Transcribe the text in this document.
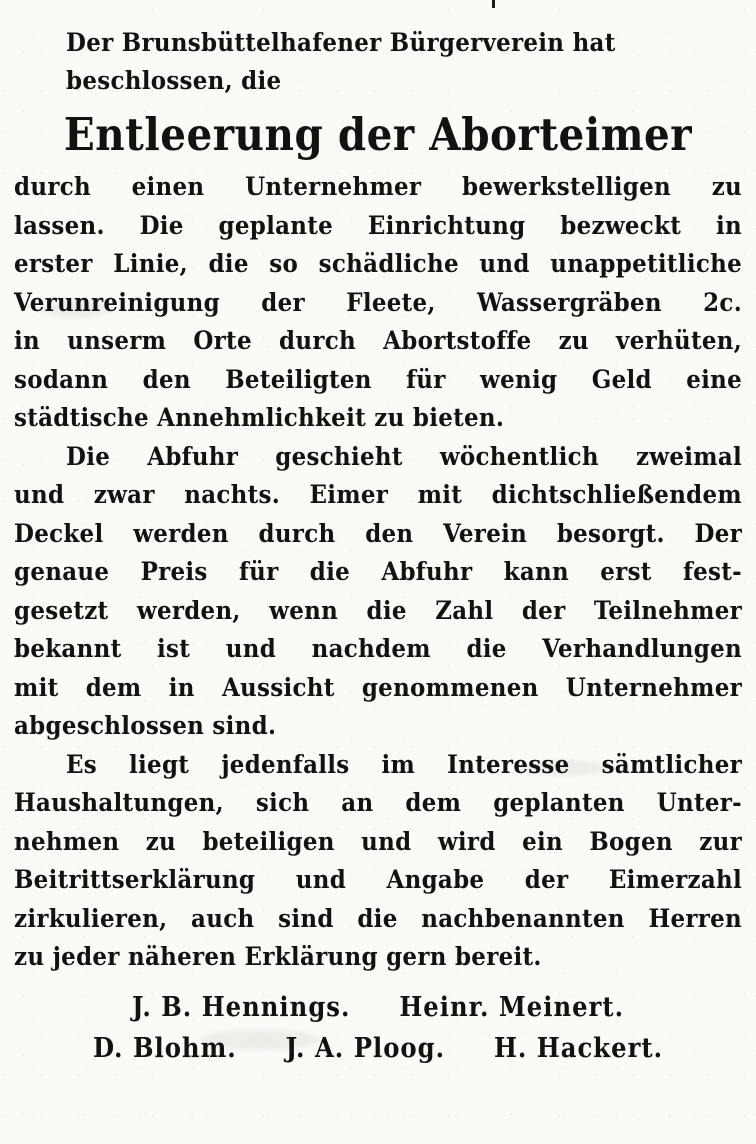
Der Brunsbüttelhafener Bürgerverein hat
beschlossen, die

Entleerung der Aborteimer
durch einen Unternehmer bewerkstelligen zu
lassen. Die geplante Einrichtung bezweckt in
erster Linie, die so schädliche und unappetitliche
Verunreinigung der Fleete, Wassergräben 2c.
in unserm Orte durch Abortstoffe zu verhüten,
sodann den Beteiligten für wenig Geld eine
städtische Annehmlichkeit zu bieten.
Die Abfuhr geschieht wöchentlich zweimal
und zwar nachts. Eimer mit dichtschließendem
Deckel werden durch den Verein besorgt. Der
genaue Preis für die Abfuhr kann erst fest-
gesetzt werden, wenn die Zahl der Teilnehmer
bekannt ist und nachdem die Verhandlungen
mit dem in Aussicht genommenen Unternehmer
abgeschlossen sind.
Es liegt jedenfalls im Interesse sämtlicher
Haushaltungen, sich an dem geplanten Unter-
nehmen zu beteiligen und wird ein Bogen zur
Beitrittserklärung und Angabe der Eimerzahl
zirkulieren, auch sind die nachbenannten Herren
zu jeder näheren Erklärung gern bereit.
J. B. Hennings. Heinr. Meinert.
D. Blohm. J. A. Ploog. H. Hackert.
